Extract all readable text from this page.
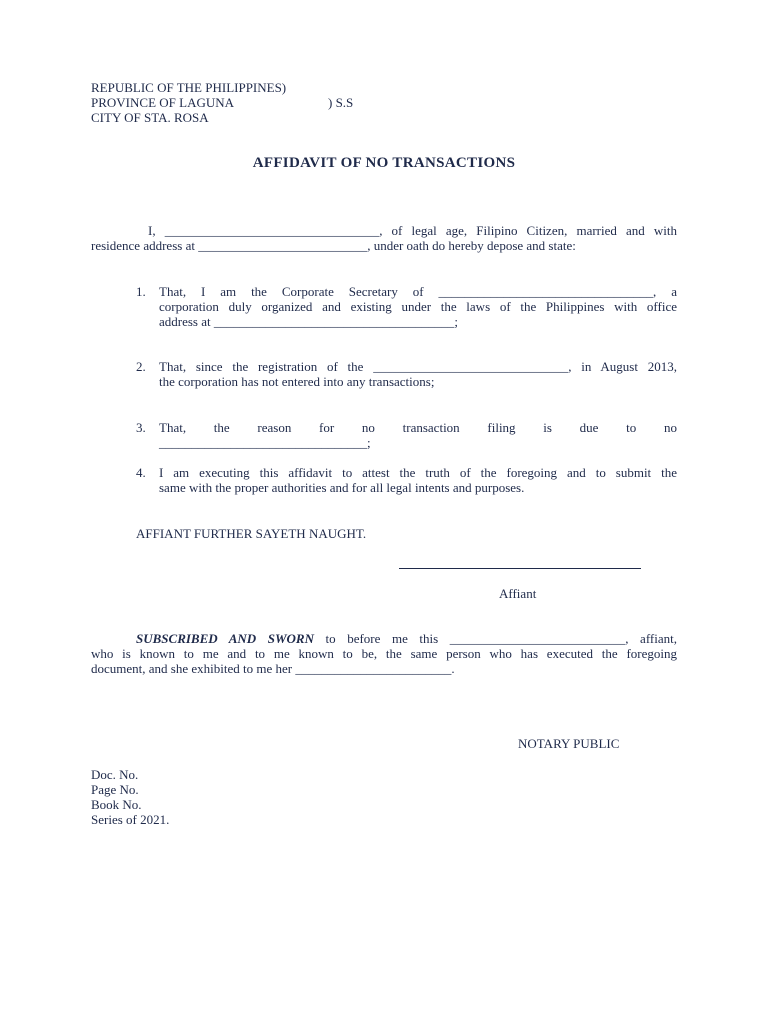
REPUBLIC OF THE PHILIPPINES)
PROVINCE OF LAGUNA	) S.S
CITY OF STA. ROSA
AFFIDAVIT OF NO TRANSACTIONS
I, _________________________________, of legal age, Filipino Citizen, married and with
residence address at __________________________, under oath do hereby depose and state:
1. That, I am the Corporate Secretary of _________________________________, a
corporation duly organized and existing under the laws of the Philippines with office
address at _____________________________________;
2. That, since the registration of the ______________________________, in August 2013,
the corporation has not entered into any transactions;
3. That, the reason for no transaction filing is due to no
________________________________;
4. I am executing this affidavit to attest the truth of the foregoing and to submit the
same with the proper authorities and for all legal intents and purposes.
AFFIANT FURTHER SAYETH NAUGHT.
Affiant
SUBSCRIBED AND SWORN to before me this ___________________________, affiant,
who is known to me and to me known to be, the same person who has executed the foregoing
document, and she exhibited to me her ________________________.
NOTARY PUBLIC
Doc. No.
Page No.
Book No.
Series of 2021.
